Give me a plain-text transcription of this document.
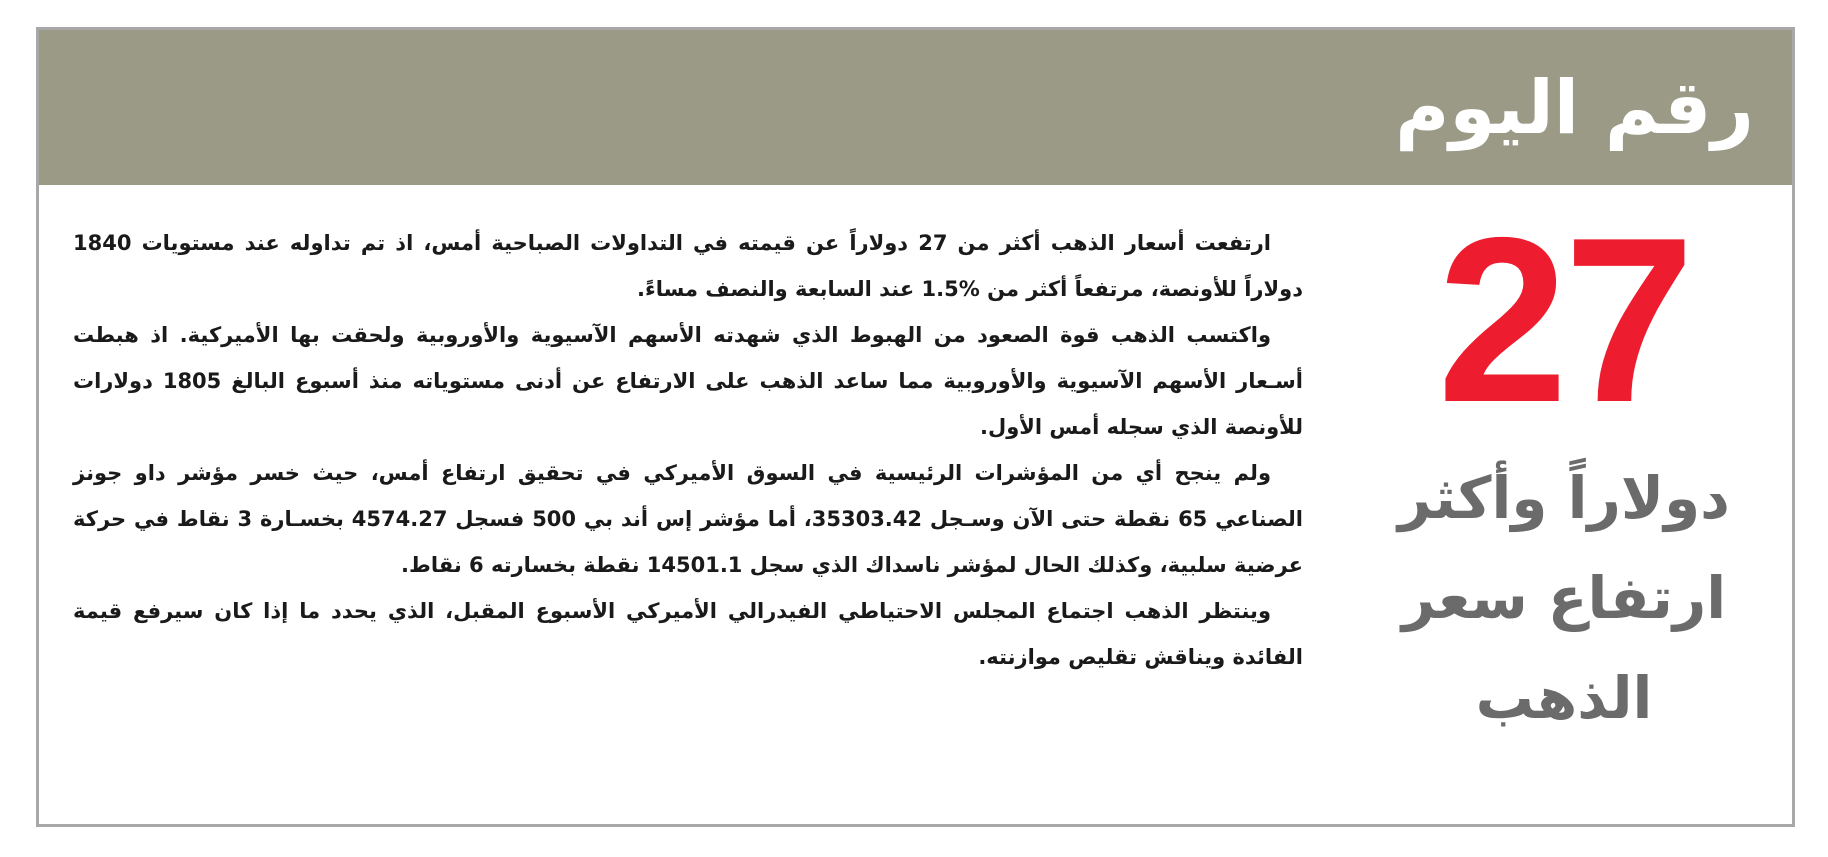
رقم اليوم
27
دولاراً وأكثر
ارتفاع سعر
الذهب

ارتفعت أسعار الذهب أكثر من 27 دولاراً عن قيمته في التداولات الصباحية أمس، اذ تم تداوله عند مستويات 1840 دولاراً للأونصة، مرتفعاً أكثر من %1.5 عند السابعة والنصف مساءً.

واكتسب الذهب قوة الصعود من الهبوط الذي شهدته الأسهم الآسيوية والأوروبية ولحقت بها الأميركية. اذ هبطت أسـعار الأسهم الآسيوية والأوروبية مما ساعد الذهب على الارتفاع عن أدنى مستوياته منذ أسبوع البالغ 1805 دولارات للأونصة الذي سجله أمس الأول.

ولم ينجح أي من المؤشرات الرئيسية في السوق الأميركي في تحقيق ارتفاع أمس، حيث خسر مؤشر داو جونز الصناعي 65 نقطة حتى الآن وسـجل 35303.42، أما مؤشر إس أند بي 500 فسجل 4574.27 بخسـارة 3 نقاط في حركة عرضية سلبية، وكذلك الحال لمؤشر ناسداك الذي سجل 14501.1 نقطة بخسارته 6 نقاط.

وينتظر الذهب اجتماع المجلس الاحتياطي الفيدرالي الأميركي الأسبوع المقبل، الذي يحدد ما إذا كان سيرفع قيمة الفائدة ويناقش تقليص موازنته.
